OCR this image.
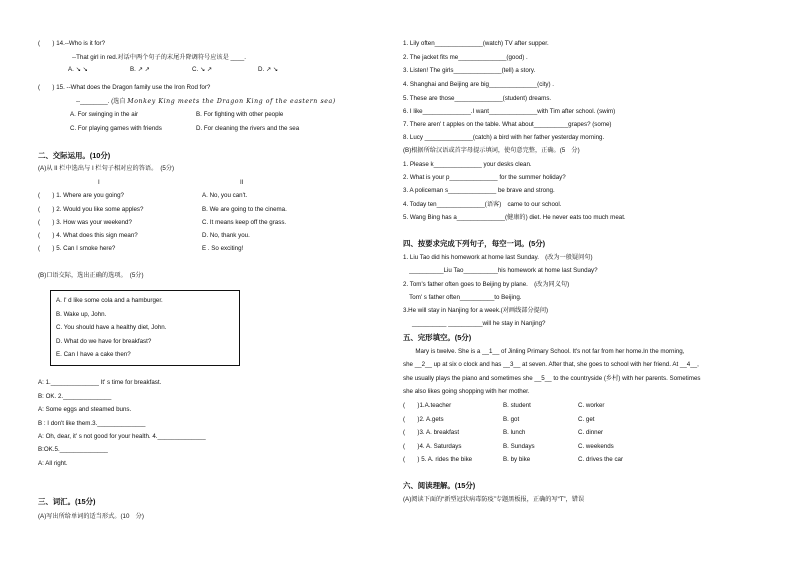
(　　) 14.--Who is it for?
--That girl in red.对话中两个句子的末尾升降调符号应该是 ____.
A. ↘ ↘	B. ↗ ↗	C. ↘ ↗	D. ↗ ↘
(　　) 15. --What does the Dragon family use the Iron Rod for?
--________. (选自 Monkey King meets the Dragon King of the eastern sea)
A. For swinging in the air	B. For fighting with other people
C. For playing games with friends	D. For cleaning the rivers and the sea
二、交际运用。(10分)
(A)从 II 栏中选出与 I 栏句子相对应的答语。　(5分)
I	II
(　　) 1. Where are you going?	A. No, you can't.
(　　) 2. Would you like some apples?	B. We are going to the cinema.
(　　) 3. How was your weekend?	C. It means keep off the grass.
(　　) 4. What does this sign mean?	D. No, thank you.
(　　) 5. Can I smoke here?	E . So exciting!
(B)口语交际，选出正确的选项。　(5分)
A. I' d like some cola and a hamburger.
B. Wake up, John.
C. You should have a healthy diet, John.
D. What do we have for breakfast?
E. Can I have a cake then?
A: 1.______________ It' s time for breakfast.
B: OK. 2.______________
A: Some eggs and steamed buns.
B : I don't like them.3.______________
A: Oh, dear, it' s not good for your health. 4.______________
B:OK.5.______________
A: All right.
三、词汇。(15分)
(A)写出所给单词的适当形式。(10　分)
1. Lily often______________(watch) TV after supper.
2. The jacket fits me______________(good) .
3. Listen! The girls______________(tell) a story.
4. Shanghai and Beijing are big______________(city) .
5. These are those______________(student) dreams.
6. I like______________.I want______________with Tim after school. (swim)
7. There aren' t apples on the table. What about__________grapes? (some)
8. Lucy ______________(catch) a bird with her father yesterday morning.
(B)根据所给汉语或首字母提示填词，使句意完整，正确。(5　分)
1. Please k______________ your desks clean.
2. What is your p______________ for the summer holiday?
3. A policeman s______________ be brave and strong.
4. Today ten______________(语客)　came to our school.
5. Wang Bing has a______________(健康的) diet. He never eats too much meat.
四、按要求完成下列句子，每空一词。(5分)
1. Liu Tao did his homework at home last Sunday.　(改为一般疑问句)
　__________Liu Tao__________his homework at home last Sunday?
2. Tom's father often goes to Beijing by plane.　(改为同义句)
　Tom' s father often__________to Beijing.
3.He will stay in Nanjing for a week.(对画线部分提问)
__________ __________will he stay in Nanjing?
五、完形填空。(5分)
　　Mary is twelve. She is a __1__ of Jinling Primary School. It's not far from her home.In the morning,
she __2__ up at six o clock and has __3__ at seven. After that, she goes to school with her friend. At __4__,
she usually plays the piano and sometimes she __5__ to the countryside (乡村) with her parents. Sometimes
she also likes going shopping with her mother.
(　　)1.A.teacher	B. student	C. worker
(　　)2. A.gets	B. got	C. get
(　　)3. A. breakfast	B. lunch	C. dinner
(　　)4. A. Saturdays	B. Sundays	C. weekends
(　　) 5. A. rides the bike	B. by bike	C. drives the car
六、阅读理解。(15分)
(A)阅读下面的“新型冠状病毒防疫”专题黑板报，正确的写“T”，错误
